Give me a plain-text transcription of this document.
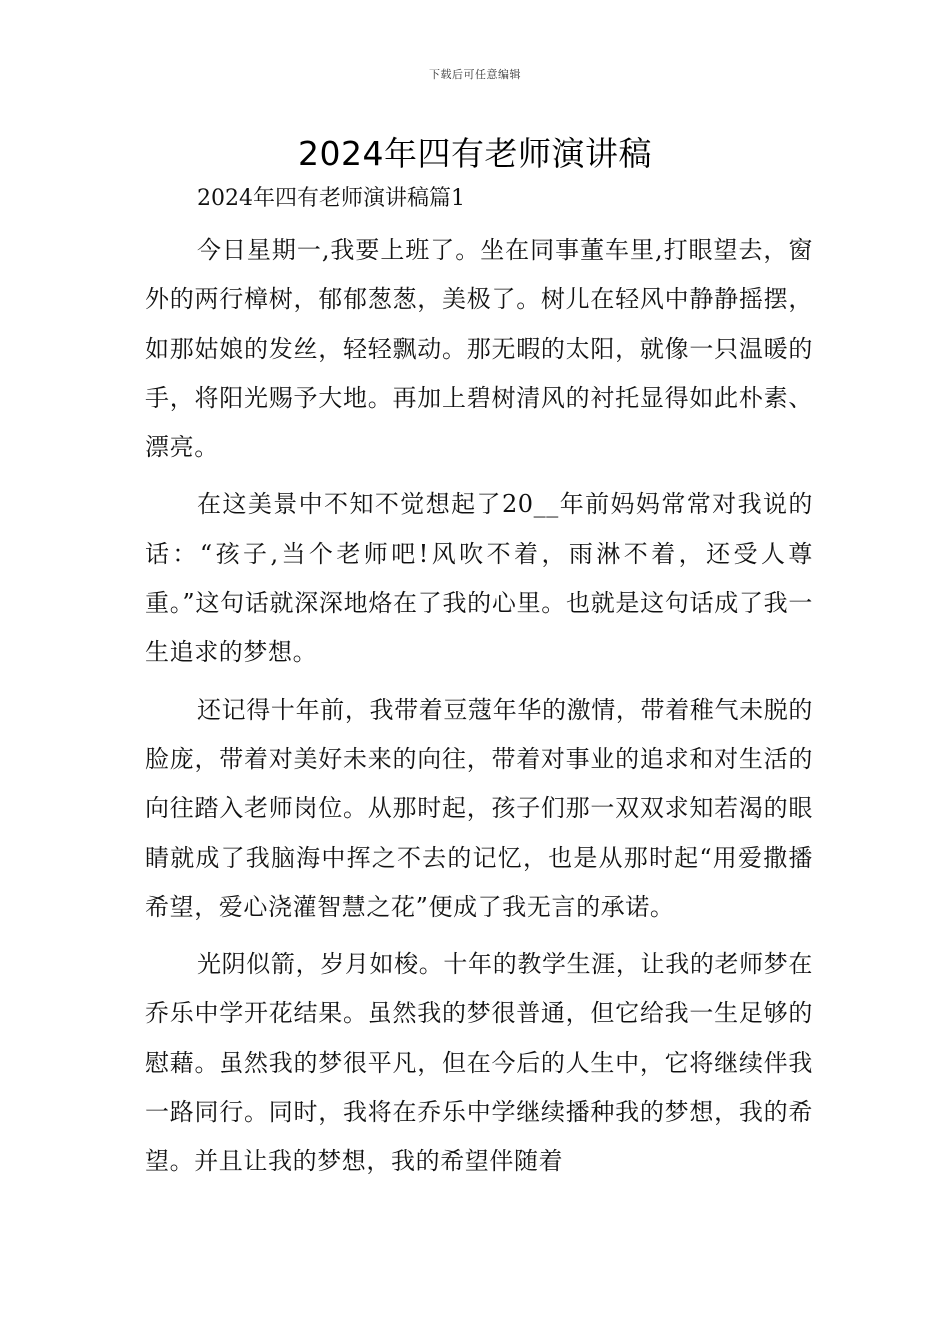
下载后可任意编辑
2024年四有老师演讲稿

2024年四有老师演讲稿篇1

今日星期一,我要上班了。坐在同事董车里,打眼望去，窗外的两行樟树，郁郁葱葱，美极了。树儿在轻风中静静摇摆，如那姑娘的发丝，轻轻飘动。那无暇的太阳，就像一只温暖的手，将阳光赐予大地。再加上碧树清风的衬托显得如此朴素、漂亮。

在这美景中不知不觉想起了20__年前妈妈常常对我说的话：“孩子,当个老师吧!风吹不着，雨淋不着，还受人尊重。”这句话就深深地烙在了我的心里。也就是这句话成了我一生追求的梦想。

还记得十年前，我带着豆蔻年华的激情，带着稚气未脱的脸庞，带着对美好未来的向往，带着对事业的追求和对生活的向往踏入老师岗位。从那时起，孩子们那一双双求知若渴的眼睛就成了我脑海中挥之不去的记忆，也是从那时起“用爱撒播希望，爱心浇灌智慧之花”便成了我无言的承诺。

光阴似箭，岁月如梭。十年的教学生涯，让我的老师梦在乔乐中学开花结果。虽然我的梦很普通，但它给我一生足够的慰藉。虽然我的梦很平凡，但在今后的人生中，它将继续伴我一路同行。同时，我将在乔乐中学继续播种我的梦想，我的希望。并且让我的梦想，我的希望伴随着
